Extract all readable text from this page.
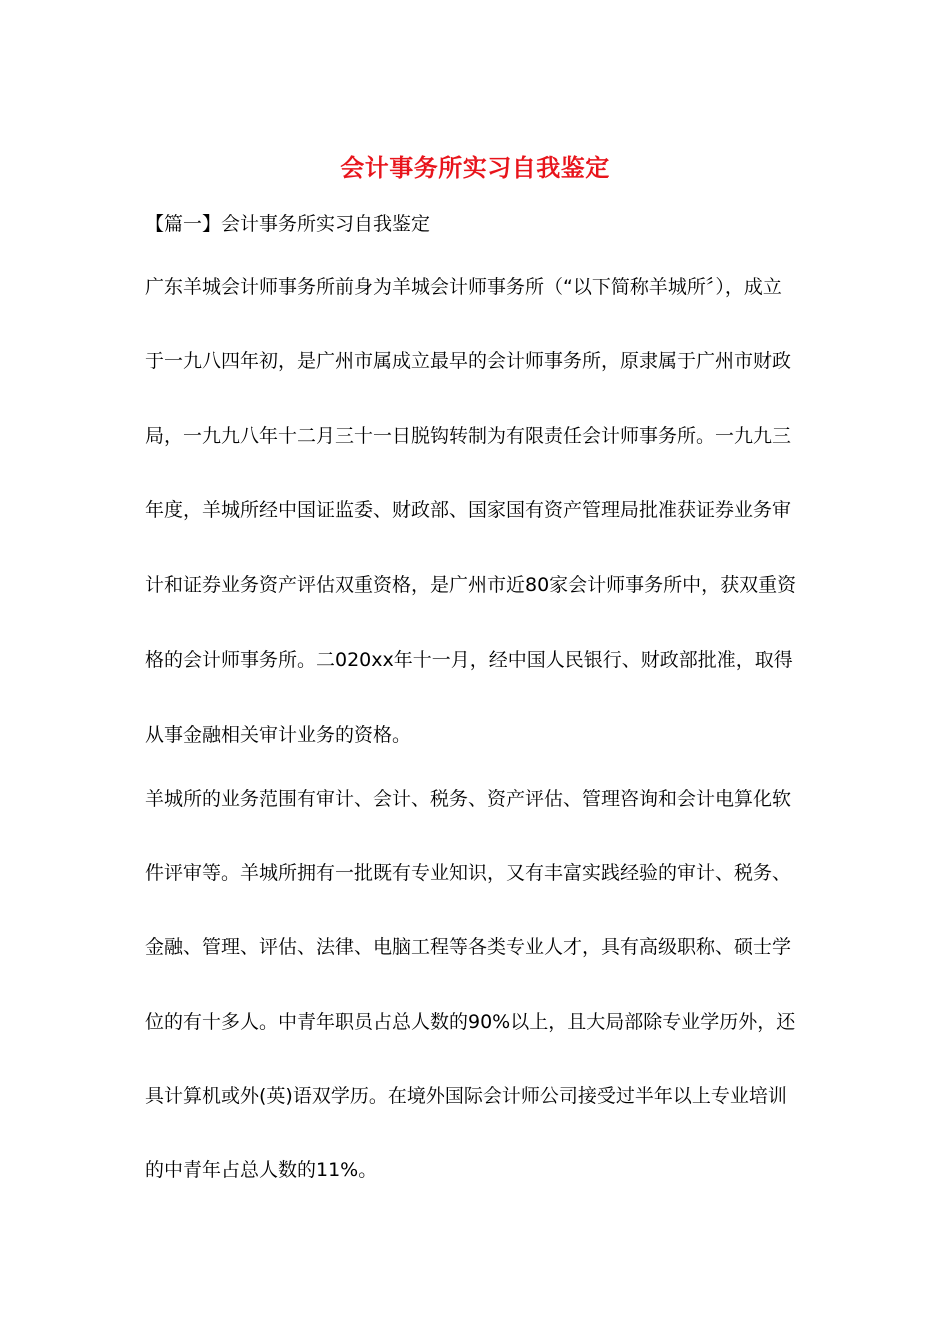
会计事务所实习自我鉴定
【篇一】会计事务所实习自我鉴定
广东羊城会计师事务所前身为羊城会计师事务所（“以下简称羊城所〞），成立
于一九八四年初，是广州市属成立最早的会计师事务所，原隶属于广州市财政
局，一九九八年十二月三十一日脱钩转制为有限责任会计师事务所。一九九三
年度，羊城所经中国证监委、财政部、国家国有资产管理局批准获证券业务审
计和证券业务资产评估双重资格，是广州市近80家会计师事务所中，获双重资
格的会计师事务所。二020xx年十一月，经中国人民银行、财政部批准，取得
从事金融相关审计业务的资格。
羊城所的业务范围有审计、会计、税务、资产评估、管理咨询和会计电算化软
件评审等。羊城所拥有一批既有专业知识，又有丰富实践经验的审计、税务、
金融、管理、评估、法律、电脑工程等各类专业人才，具有高级职称、硕士学
位的有十多人。中青年职员占总人数的90%以上，且大局部除专业学历外，还
具计算机或外(英)语双学历。在境外国际会计师公司接受过半年以上专业培训
的中青年占总人数的11%。
